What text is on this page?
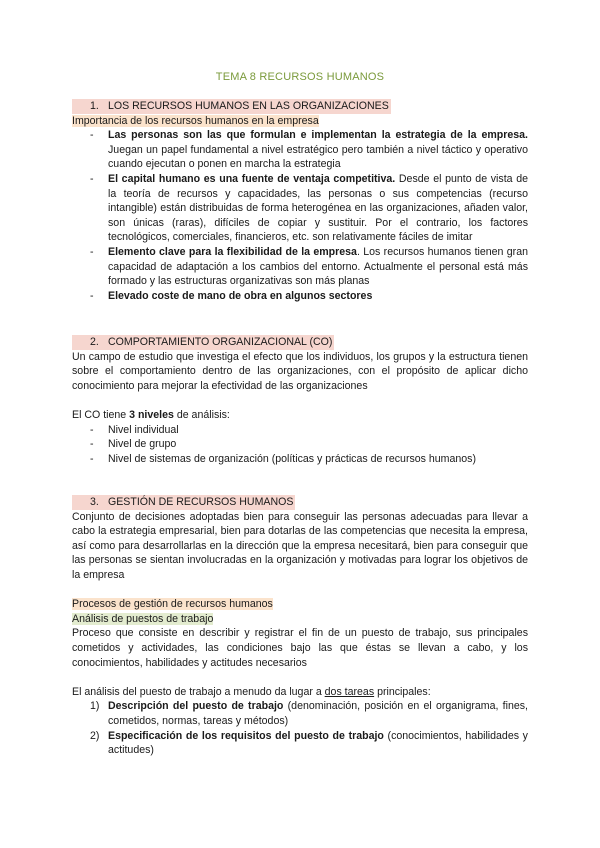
TEMA 8 RECURSOS HUMANOS
1. LOS RECURSOS HUMANOS EN LAS ORGANIZACIONES
Importancia de los recursos humanos en la empresa
- Las personas son las que formulan e implementan la estrategia de la empresa. Juegan un papel fundamental a nivel estratégico pero también a nivel táctico y operativo cuando ejecutan o ponen en marcha la estrategia
- El capital humano es una fuente de ventaja competitiva. Desde el punto de vista de la teoría de recursos y capacidades, las personas o sus competencias (recurso intangible) están distribuidas de forma heterogénea en las organizaciones, añaden valor, son únicas (raras), difíciles de copiar y sustituir. Por el contrario, los factores tecnológicos, comerciales, financieros, etc. son relativamente fáciles de imitar
- Elemento clave para la flexibilidad de la empresa. Los recursos humanos tienen gran capacidad de adaptación a los cambios del entorno. Actualmente el personal está más formado y las estructuras organizativas son más planas
- Elevado coste de mano de obra en algunos sectores
2. COMPORTAMIENTO ORGANIZACIONAL (CO)

Un campo de estudio que investiga el efecto que los individuos, los grupos y la estructura tienen sobre el comportamiento dentro de las organizaciones, con el propósito de aplicar dicho conocimiento para mejorar la efectividad de las organizaciones

El CO tiene 3 niveles de análisis:

- Nivel individual
- Nivel de grupo
- Nivel de sistemas de organización (políticas y prácticas de recursos humanos)
3. GESTIÓN DE RECURSOS HUMANOS

Conjunto de decisiones adoptadas bien para conseguir las personas adecuadas para llevar a cabo la estrategia empresarial, bien para dotarlas de las competencias que necesita la empresa, así como para desarrollarlas en la dirección que la empresa necesitará, bien para conseguir que las personas se sientan involucradas en la organización y motivadas para lograr los objetivos de la empresa

Procesos de gestión de recursos humanos
Análisis de puestos de trabajo

Proceso que consiste en describir y registrar el fin de un puesto de trabajo, sus principales cometidos y actividades, las condiciones bajo las que éstas se llevan a cabo, y los conocimientos, habilidades y actitudes necesarios

El análisis del puesto de trabajo a menudo da lugar a dos tareas principales:

1) Descripción del puesto de trabajo (denominación, posición en el organigrama, fines, cometidos, normas, tareas y métodos)
2) Especificación de los requisitos del puesto de trabajo (conocimientos, habilidades y actitudes)
